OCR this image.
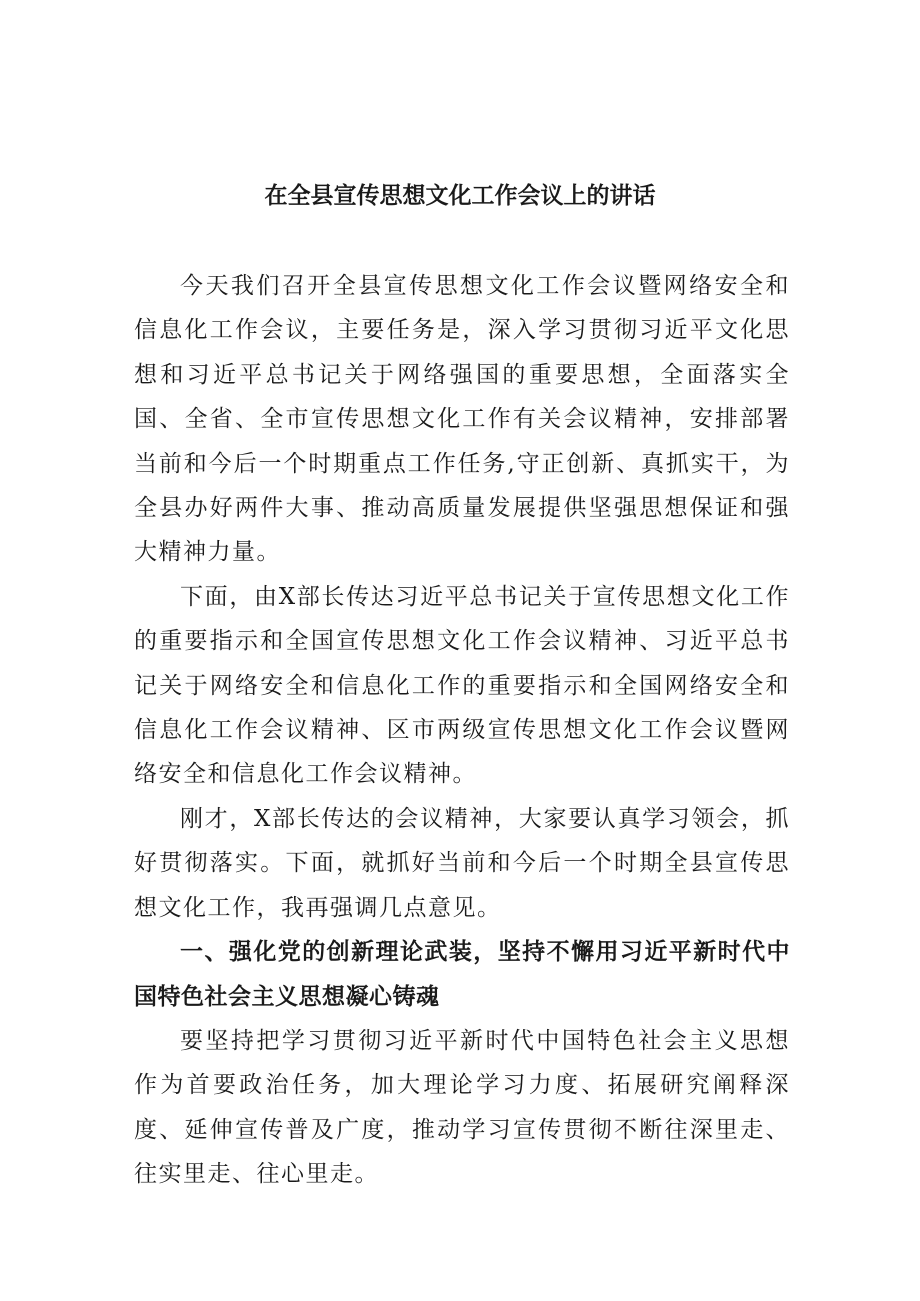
在全县宣传思想文化工作会议上的讲话

今天我们召开全县宣传思想文化工作会议暨网络安全和信息化工作会议，主要任务是，深入学习贯彻习近平文化思想和习近平总书记关于网络强国的重要思想，全面落实全国、全省、全市宣传思想文化工作有关会议精神，安排部署当前和今后一个时期重点工作任务,守正创新、真抓实干，为全县办好两件大事、推动高质量发展提供坚强思想保证和强大精神力量。

下面，由X部长传达习近平总书记关于宣传思想文化工作的重要指示和全国宣传思想文化工作会议精神、习近平总书记关于网络安全和信息化工作的重要指示和全国网络安全和信息化工作会议精神、区市两级宣传思想文化工作会议暨网络安全和信息化工作会议精神。

刚才，X部长传达的会议精神，大家要认真学习领会，抓好贯彻落实。下面，就抓好当前和今后一个时期全县宣传思想文化工作，我再强调几点意见。

一、强化党的创新理论武装，坚持不懈用习近平新时代中国特色社会主义思想凝心铸魂

要坚持把学习贯彻习近平新时代中国特色社会主义思想作为首要政治任务，加大理论学习力度、拓展研究阐释深度、延伸宣传普及广度，推动学习宣传贯彻不断往深里走、往实里走、往心里走。
